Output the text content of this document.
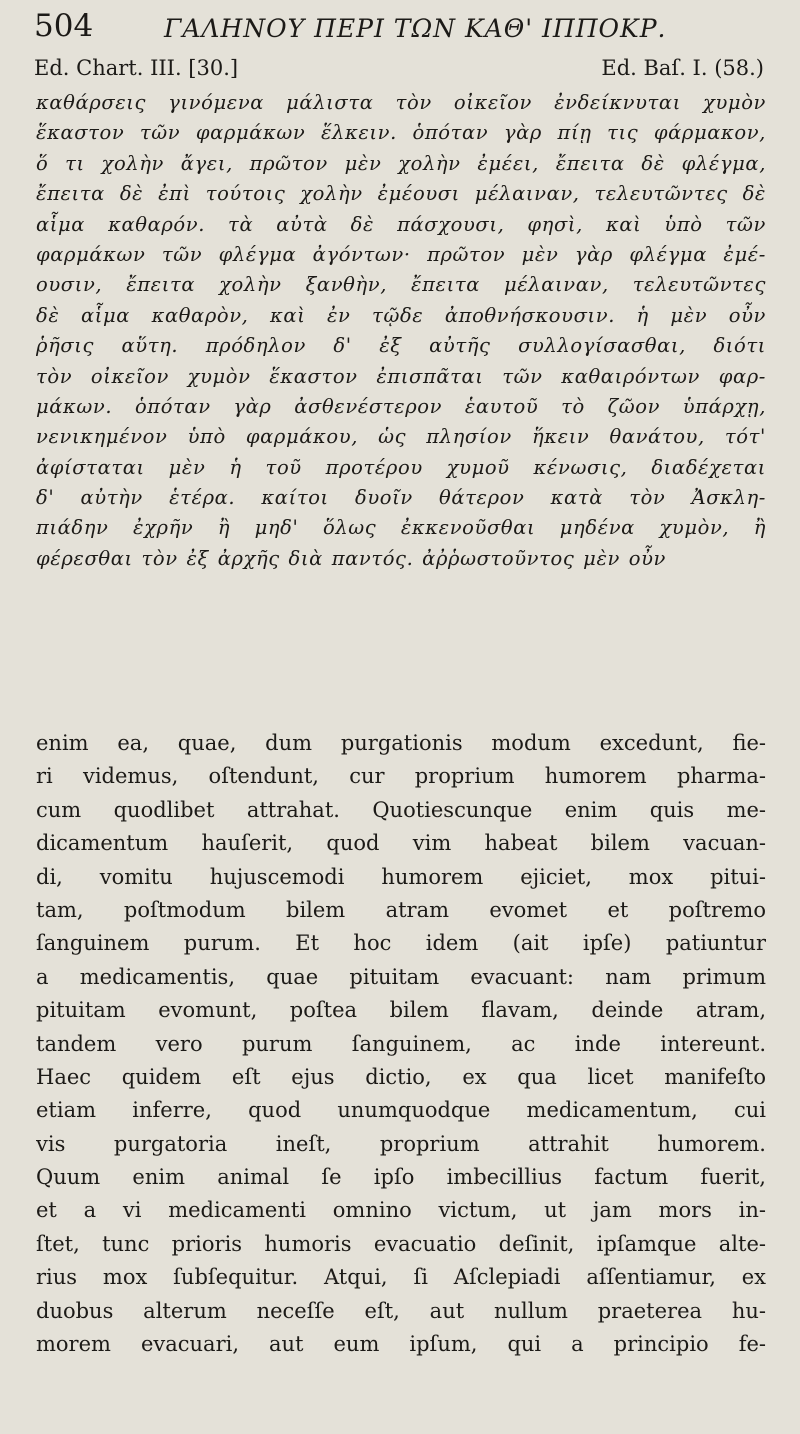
504	ΓΑΛΗΝΟΥ ΠΕΡΙ ΤΩΝ ΚΑΘ' ΙΠΠΟΚΡ.
Ed. Chart. III. [30.]	Ed. Baſ. I. (58.)
καθάρσεις γινόμενα μάλιστα τὸν οἰκεῖον ἐνδείκνυται χυμὸν
ἕκαστον τῶν φαρμάκων ἕλκειν. ὁπόταν γὰρ πίῃ τις φάρμακον,
ὅ τι χολὴν ἄγει, πρῶτον μὲν χολὴν ἐμέει, ἔπειτα δὲ φλέγμα,
ἔπειτα δὲ ἐπὶ τούτοις χολὴν ἐμέουσι μέλαιναν, τελευτῶντες δὲ
αἷμα καθαρόν. τὰ αὐτὰ δὲ πάσχουσι, φησὶ, καὶ ὑπὸ τῶν
φαρμάκων τῶν φλέγμα ἀγόντων· πρῶτον μὲν γὰρ φλέγμα ἐμέ-
ουσιν, ἔπειτα χολὴν ξανθὴν, ἔπειτα μέλαιναν, τελευτῶντες
δὲ αἷμα καθαρὸν, καὶ ἐν τῷδε ἀποθνήσκουσιν. ἡ μὲν οὖν
ῥῆσις αὕτη. πρόδηλον δ' ἐξ αὐτῆς συλλογίσασθαι, διότι
τὸν οἰκεῖον χυμὸν ἕκαστον ἐπισπᾶται τῶν καθαιρόντων φαρ-
μάκων. ὁπόταν γὰρ ἀσθενέστερον ἑαυτοῦ τὸ ζῶον ὑπάρχῃ,
νενικημένον ὑπὸ φαρμάκου, ὡς πλησίον ἥκειν θανάτου, τότ'
ἀφίσταται μὲν ἡ τοῦ προτέρου χυμοῦ κένωσις, διαδέχεται
δ' αὐτὴν ἑτέρα. καίτοι δυοῖν θάτερον κατὰ τὸν Ἀσκλη-
πιάδην ἐχρῆν ἢ μηδ' ὅλως ἐκκενοῦσθαι μηδένα χυμὸν, ἢ
φέρεσθαι τὸν ἐξ ἀρχῆς διὰ παντός. ἀῤῥωστοῦντος μὲν οὖν
enim ea, quae, dum purgationis modum excedunt, fie-
ri videmus, oſtendunt, cur proprium humorem pharma-
cum quodlibet attrahat. Quotiescunque enim quis me-
dicamentum hauſerit, quod vim habeat bilem vacuan-
di, vomitu hujuscemodi humorem ejiciet, mox pitui-
tam, poſtmodum bilem atram evomet et poſtremo
ſanguinem purum. Et hoc idem (ait ipſe) patiuntur
a medicamentis, quae pituitam evacuant: nam primum
pituitam evomunt, poſtea bilem flavam, deinde atram,
tandem vero purum ſanguinem, ac inde intereunt.
Haec quidem eſt ejus dictio, ex qua licet manifeſto
etiam inferre, quod unumquodque medicamentum, cui
vis purgatoria ineſt, proprium attrahit humorem.
Quum enim animal ſe ipſo imbecillius factum fuerit,
et a vi medicamenti omnino victum, ut jam mors in-
ſtet, tunc prioris humoris evacuatio deſinit, ipſamque alte-
rius mox ſubſequitur. Atqui, ſi Aſclepiadi aſſentiamur, ex
duobus alterum neceſſe eſt, aut nullum praeterea hu-
morem evacuari, aut eum ipſum, qui a principio fe-
